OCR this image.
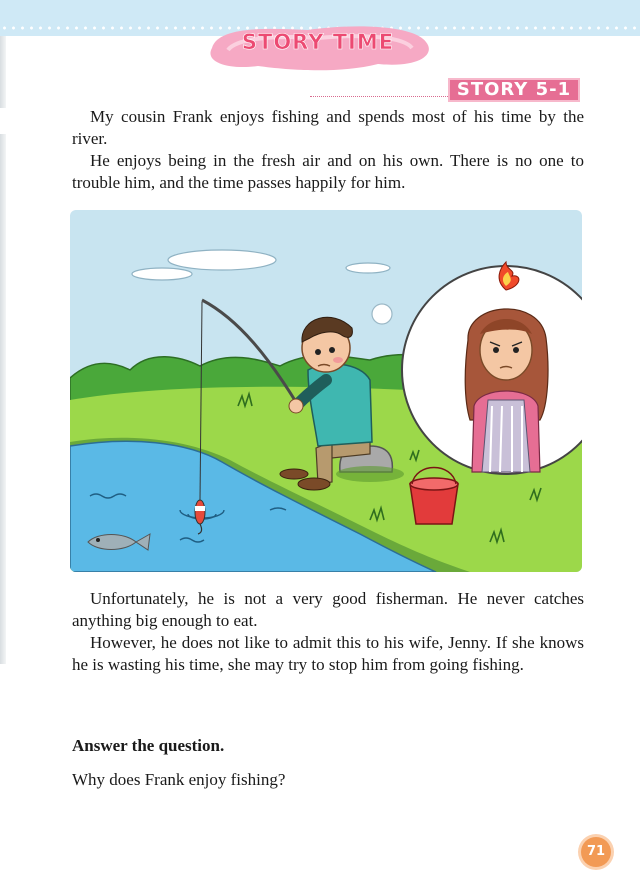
STORY TIME
STORY 5-1

My cousin Frank enjoys fishing and spends most of his time by the river.

He enjoys being in the fresh air and on his own. There is no one to trouble him, and the time passes happily for him.

Unfortunately, he is not a very good fisherman. He never catches anything big enough to eat.

However, he does not like to admit this to his wife, Jenny. If she knows he is wasting his time, she may try to stop him from going fishing.

Answer the question.
Why does Frank enjoy fishing?
71
